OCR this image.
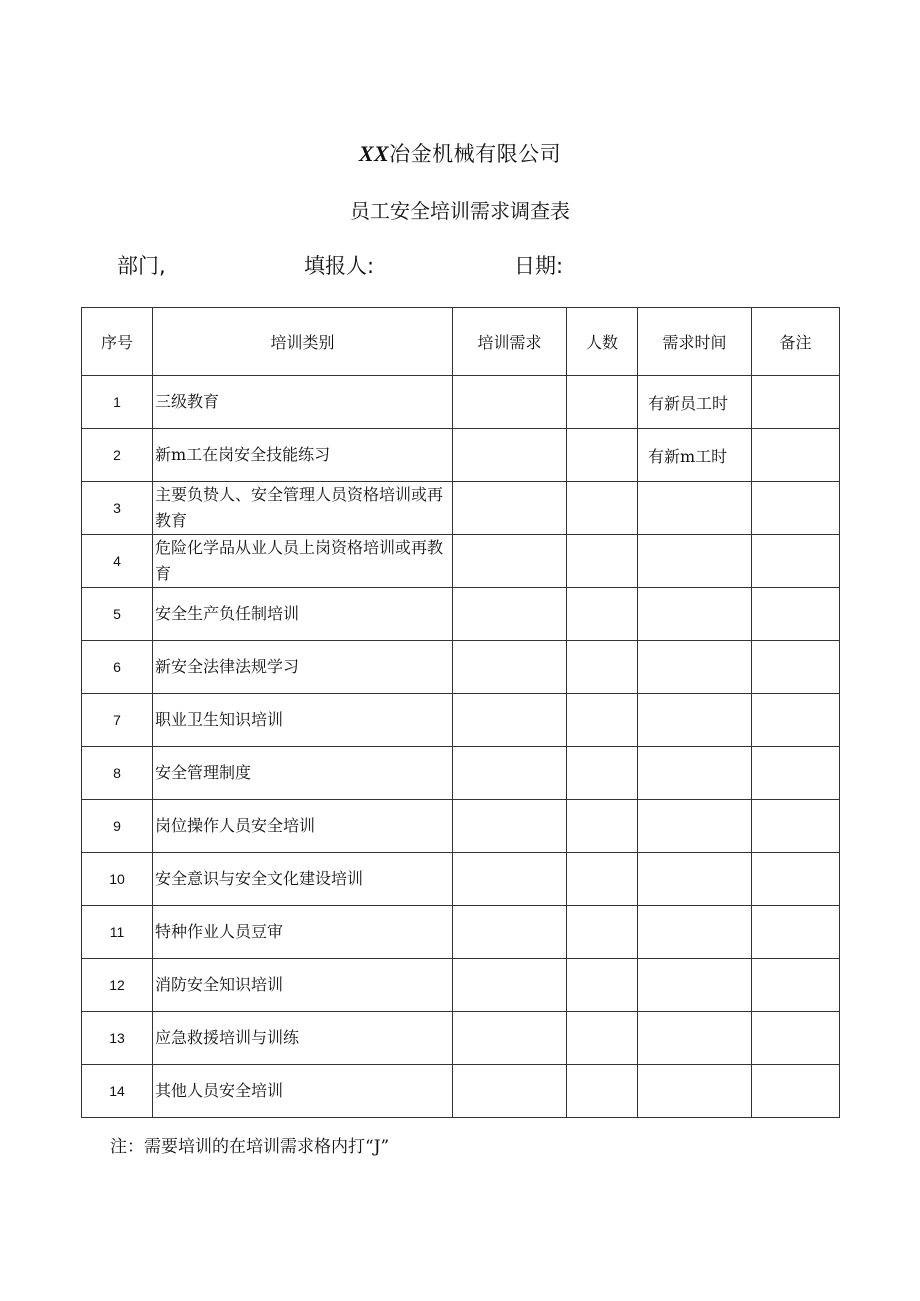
XX冶金机械有限公司
员工安全培训需求调查表
部门,	填报人:	日期:
序号	培训类别	培训需求	人数	需求时间	备注
1	三级教育			有新员工时	
2	新m工在岗安全技能练习			有新m工时	
3	主要负贽人、安全管理人员资格培训或再教育				
4	危险化学品从业人员上岗资格培训或再教育				
5	安全生产负任制培训				
6	新安全法律法规学习				
7	职业卫生知识培训				
8	安全管理制度				
9	岗位操作人员安全培训				
10	安全意识与安全文化建设培训				
11	特种作业人员豆审				
12	消防安全知识培训				
13	应急救援培训与训练				
14	其他人员安全培训				
注：需要培训的在培训需求格内打“J”
